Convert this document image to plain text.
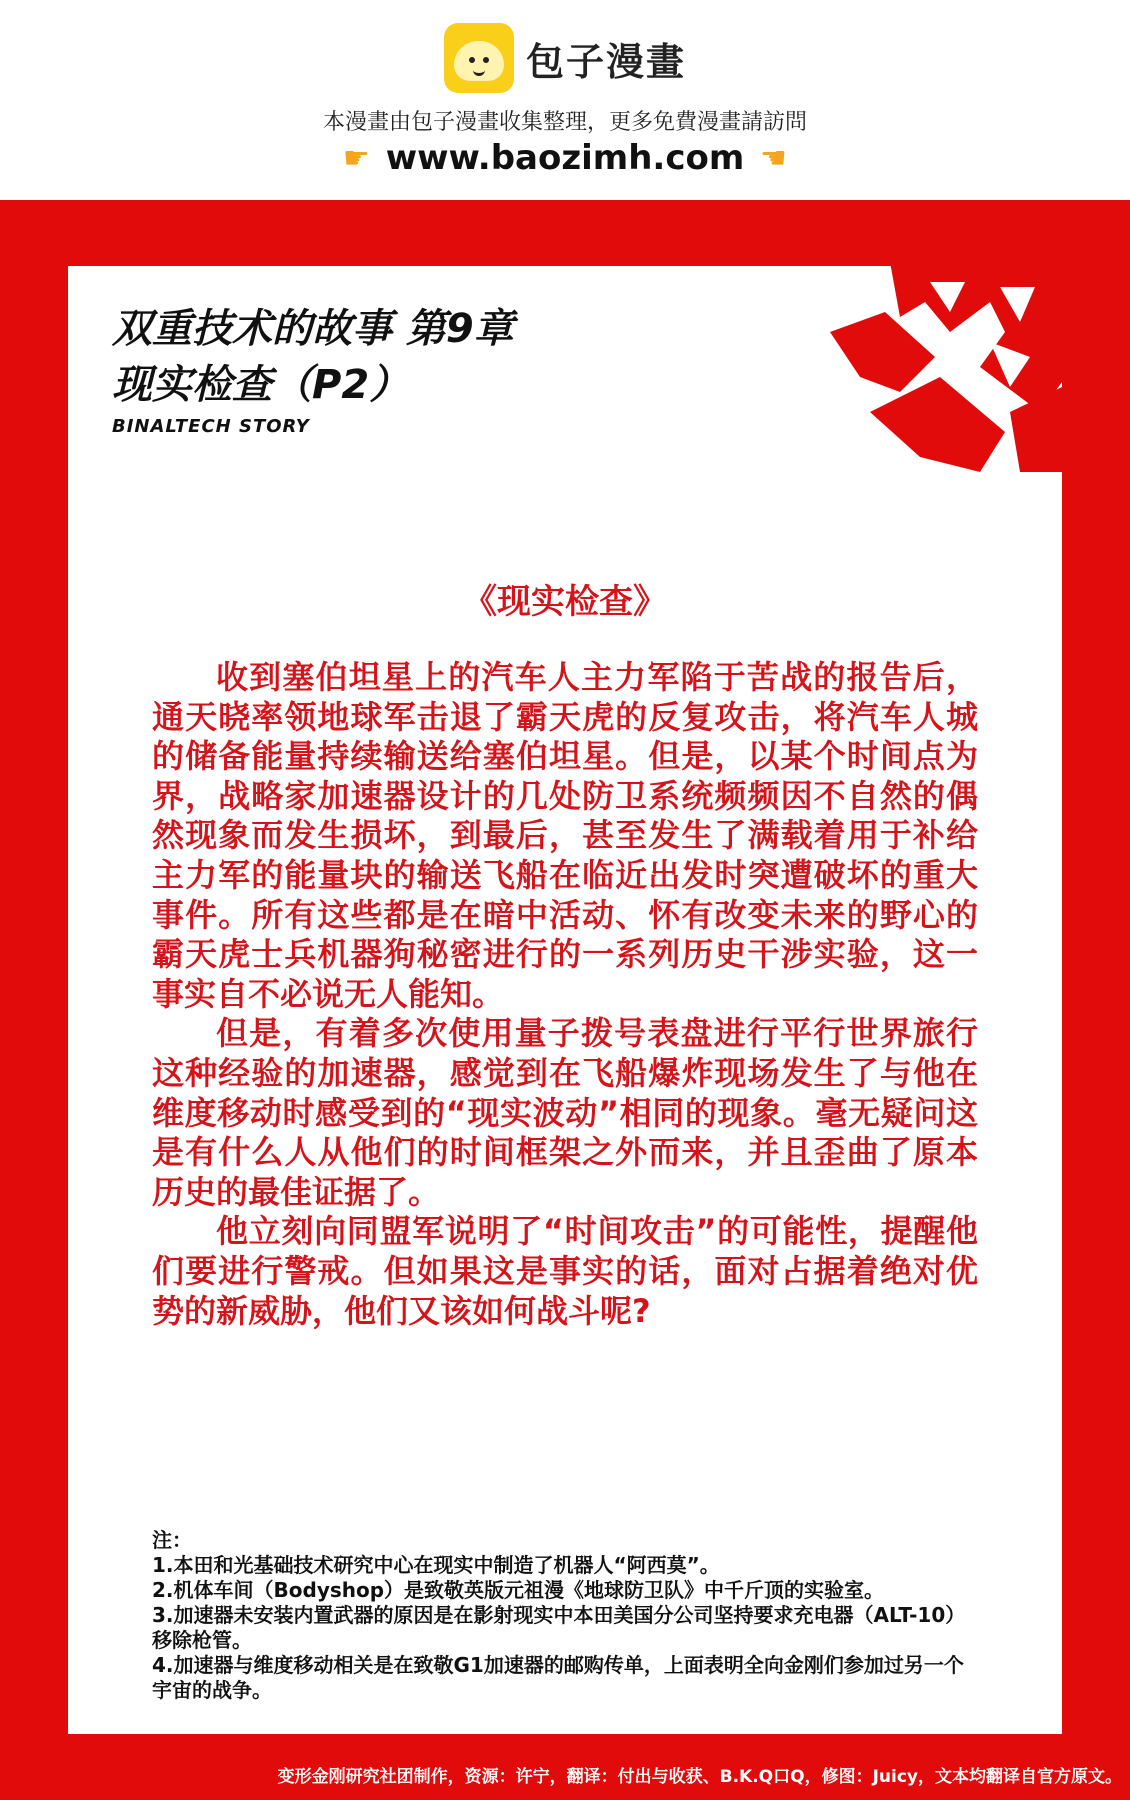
包子漫畫
本漫畫由包子漫畫收集整理，更多免費漫畫請訪問
☛ www.baozimh.com ☛
双重技术的故事 第9章
现实检查（P2）
BINALTECH STORY
《现实检查》

收到塞伯坦星上的汽车人主力军陷于苦战的报告后，通天晓率领地球军击退了霸天虎的反复攻击，将汽车人城的储备能量持续输送给塞伯坦星。但是，以某个时间点为界，战略家加速器设计的几处防卫系统频频因不自然的偶然现象而发生损坏，到最后，甚至发生了满载着用于补给主力军的能量块的输送飞船在临近出发时突遭破坏的重大事件。所有这些都是在暗中活动、怀有改变未来的野心的霸天虎士兵机器狗秘密进行的一系列历史干涉实验，这一事实自不必说无人能知。

但是，有着多次使用量子拨号表盘进行平行世界旅行这种经验的加速器，感觉到在飞船爆炸现场发生了与他在维度移动时感受到的“现实波动”相同的现象。毫无疑问这是有什么人从他们的时间框架之外而来，并且歪曲了原本历史的最佳证据了。

他立刻向同盟军说明了“时间攻击”的可能性，提醒他们要进行警戒。但如果这是事实的话，面对占据着绝对优势的新威胁，他们又该如何战斗呢?

注：
1.本田和光基础技术研究中心在现实中制造了机器人“阿西莫”。
2.机体车间（Bodyshop）是致敬英版元祖漫《地球防卫队》中千斤顶的实验室。
3.加速器未安装内置武器的原因是在影射现实中本田美国分公司坚持要求充电器（ALT-10）移除枪管。
4.加速器与维度移动相关是在致敬G1加速器的邮购传单，上面表明全向金刚们参加过另一个宇宙的战争。
变形金刚研究社团制作，资源：许宁，翻译：付出与收获、B.K.Q口Q，修图：Juicy，文本均翻译自官方原文。
